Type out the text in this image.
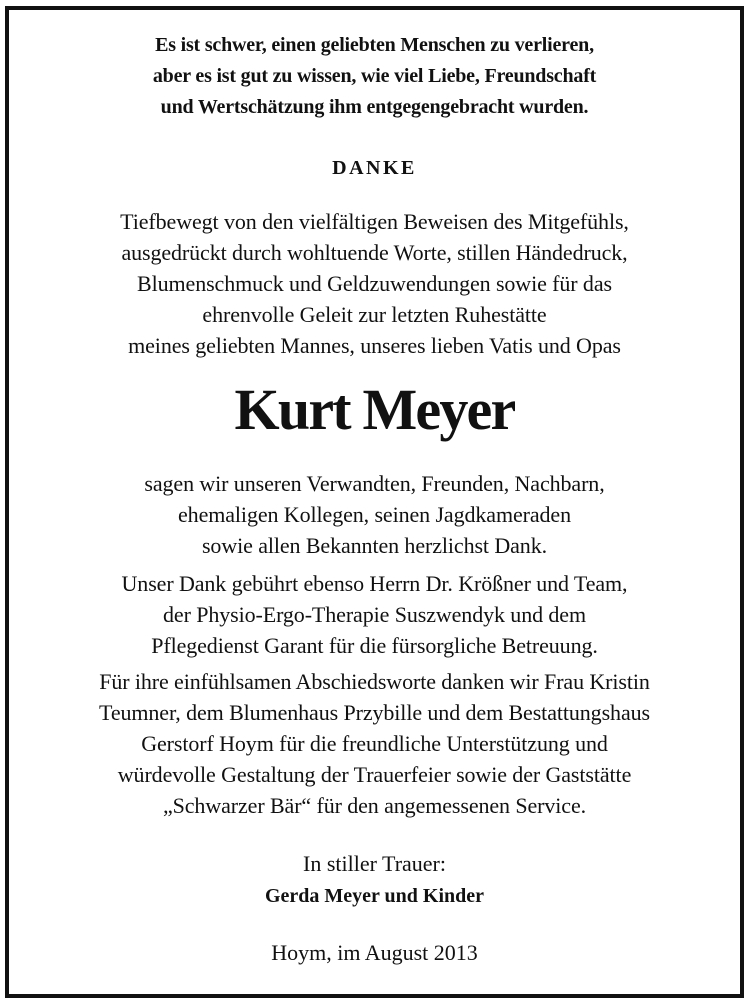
Es ist schwer, einen geliebten Menschen zu verlieren,
aber es ist gut zu wissen, wie viel Liebe, Freundschaft
und Wertschätzung ihm entgegengebracht wurden.
DANKE
Tiefbewegt von den vielfältigen Beweisen des Mitgefühls,
ausgedrückt durch wohltuende Worte, stillen Händedruck,
Blumenschmuck und Geldzuwendungen sowie für das
ehrenvolle Geleit zur letzten Ruhestätte
meines geliebten Mannes, unseres lieben Vatis und Opas
Kurt Meyer
sagen wir unseren Verwandten, Freunden, Nachbarn,
ehemaligen Kollegen, seinen Jagdkameraden
sowie allen Bekannten herzlichst Dank.
Unser Dank gebührt ebenso Herrn Dr. Krößner und Team,
der Physio-Ergo-Therapie Suszwendyk und dem
Pflegedienst Garant für die fürsorgliche Betreuung.
Für ihre einfühlsamen Abschiedsworte danken wir Frau Kristin
Teumner, dem Blumenhaus Przybille und dem Bestattungshaus
Gerstorf Hoym für die freundliche Unterstützung und
würdevolle Gestaltung der Trauerfeier sowie der Gaststätte
„Schwarzer Bär“ für den angemessenen Service.
In stiller Trauer:
Gerda Meyer und Kinder
Hoym, im August 2013
